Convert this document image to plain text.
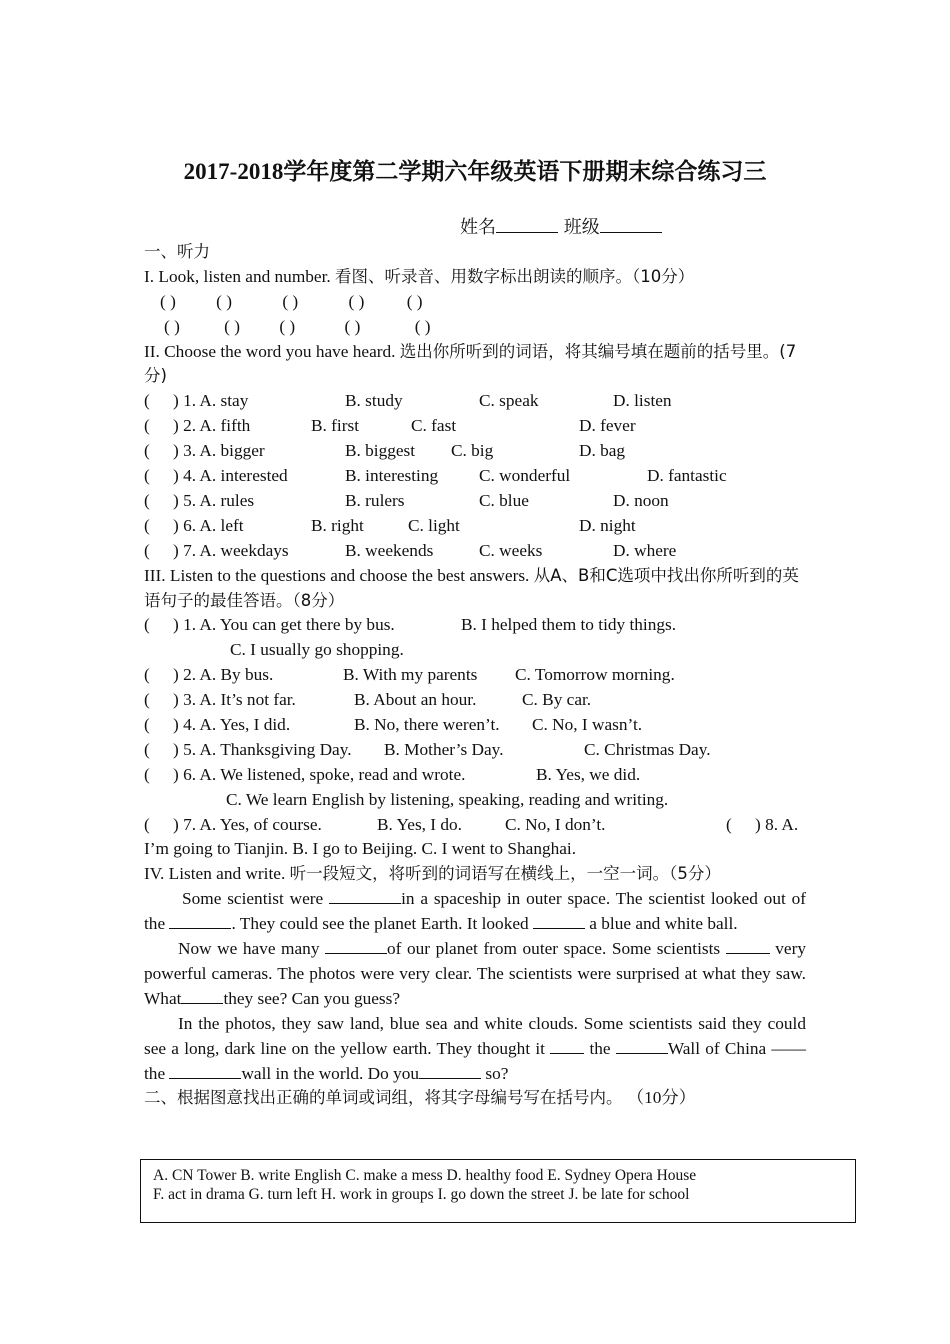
2017-2018学年度第二学期六年级英语下册期末综合练习三
姓名	班级
一、听力
I. Look, listen and number. 看图、听录音、用数字标出朗读的顺序。（10分）
( ) ( )	( )	( ) ( )
( )	( ) ( )	( )	( )
II. Choose the word you have heard. 选出你所听到的词语，将其编号填在题前的括号里。(7分)
( ) 1. A. stay	B. study	C. speak	D. listen
( ) 2. A. fifth	B. first	C. fast	D. fever
( ) 3. A. bigger	B. biggest C. big	D. bag
( ) 4. A. interested	B. interesting C. wonderful	D. fantastic
( ) 5. A. rules	B. rulers	C. blue	D. noon
( ) 6. A. left	B. right	C. light	D. night
( ) 7. A. weekdays	B. weekends	C. weeks	D. where
III. Listen to the questions and choose the best answers. 从A、B和C选项中找出你所听到的英语句子的最佳答语。（8分）
( ) 1. A. You can get there by bus.	B. I helped them to tidy things.
C. I usually go shopping.
( ) 2. A. By bus.	B. With my parents C. Tomorrow morning.
( ) 3. A. It’s not far.	B. About an hour.	C. By car.
( ) 4. A. Yes, I did.	B. No, there weren’t. C. No, I wasn’t.
( ) 5. A. Thanksgiving Day. B. Mother’s Day.	C. Christmas Day.
( ) 6. A. We listened, spoke, read and wrote.	B. Yes, we did.
C. We learn English by listening, speaking, reading and writing.
( ) 7. A. Yes, of course.	B. Yes, I do. C. No, I don’t.	( ) 8. A.
I’m going to Tianjin. B. I go to Beijing. C. I went to Shanghai.
IV. Listen and write. 听一段短文，将听到的词语写在横线上，一空一词。（5分）
Some scientist were	in a spaceship in outer space. The scientist looked out of the	. They could see the planet Earth. It looked	a blue and white ball.
Now we have many	of our planet from outer space. Some scientists	very powerful cameras. The photos were very clear. The scientists were surprised at what they saw. What they see? Can you guess?
In the photos, they saw land, blue sea and white clouds. Some scientists said they could see a long, dark line on the yellow earth. They thought it  the	Wall of China —— the	wall in the world. Do you	so?
二、根据图意找出正确的单词或词组，将其字母编号写在括号内。 （10分）
A. CN Tower B. write English C. make a mess D. healthy food E. Sydney Opera House
F. act in drama G. turn left H. work in groups I. go down the street J. be late for school
